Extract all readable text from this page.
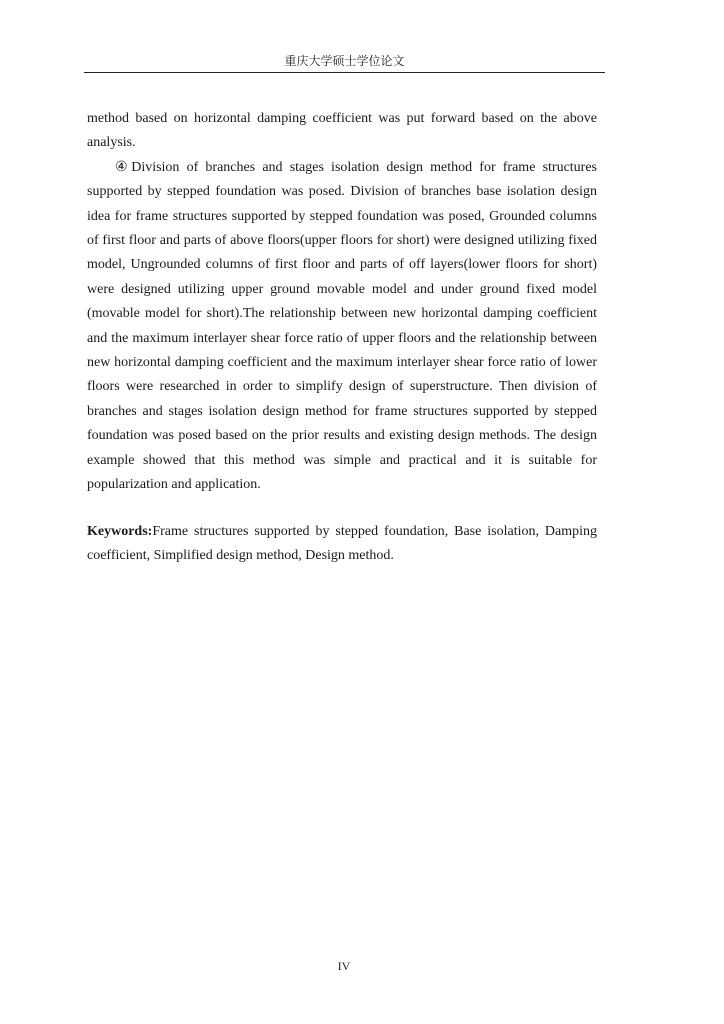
重庆大学硕士学位论文

method based on horizontal damping coefficient was put forward based on the above analysis.

④Division of branches and stages isolation design method for frame structures supported by stepped foundation was posed. Division of branches base isolation design idea for frame structures supported by stepped foundation was posed, Grounded columns of first floor and parts of above floors(upper floors for short) were designed utilizing fixed model, Ungrounded columns of first floor and parts of off layers(lower floors for short) were designed utilizing upper ground movable model and under ground fixed model (movable model for short).The relationship between new horizontal damping coefficient and the maximum interlayer shear force ratio of upper floors and the relationship between new horizontal damping coefficient and the maximum interlayer shear force ratio of lower floors were researched in order to simplify design of superstructure. Then division of branches and stages isolation design method for frame structures supported by stepped foundation was posed based on the prior results and existing design methods. The design example showed that this method was simple and practical and it is suitable for popularization and application.

Keywords:Frame structures supported by stepped foundation, Base isolation, Damping coefficient, Simplified design method, Design method.

IV
